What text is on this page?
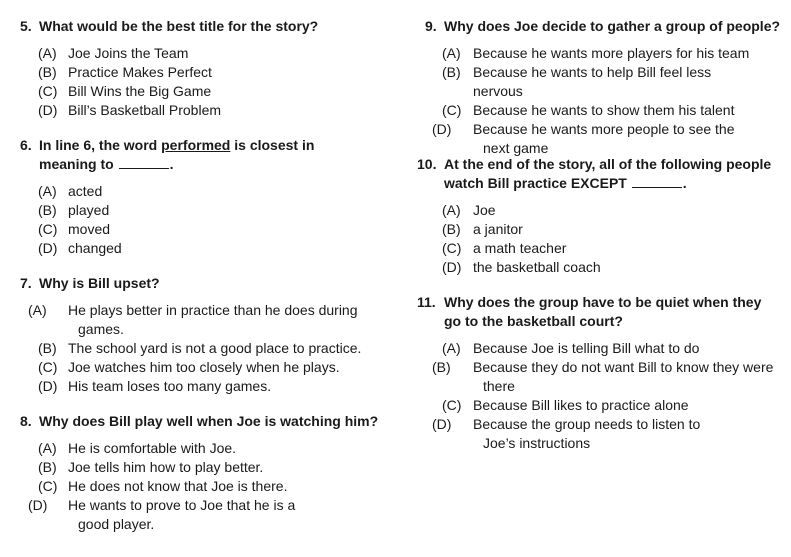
5. What would be the best title for the story?
(A) Joe Joins the Team
(B) Practice Makes Perfect
(C) Bill Wins the Big Game
(D) Bill’s Basketball Problem
6. In line 6, the word performed is closest in meaning to	.
(A) acted
(B) played
(C) moved
(D) changed
7. Why is Bill upset?
(A) He plays better in practice than he does during games.
(B) The school yard is not a good place to practice.
(C) Joe watches him too closely when he plays.
(D) His team loses too many games.
8. Why does Bill play well when Joe is watching him?
(A) He is comfortable with Joe.
(B) Joe tells him how to play better.
(C) He does not know that Joe is there.
(D) He wants to prove to Joe that he is a good player.
9. Why does Joe decide to gather a group of people?
(A) Because he wants more players for his team
(B) Because he wants to help Bill feel less nervous
(C) Because he wants to show them his talent
(D) Because he wants more people to see the next game
10. At the end of the story, all of the following people watch Bill practice EXCEPT	.
(A) Joe
(B) a janitor
(C) a math teacher
(D) the basketball coach
11. Why does the group have to be quiet when they go to the basketball court?
(A) Because Joe is telling Bill what to do
(B) Because they do not want Bill to know they were there
(C) Because Bill likes to practice alone
(D) Because the group needs to listen to Joe’s instructions
